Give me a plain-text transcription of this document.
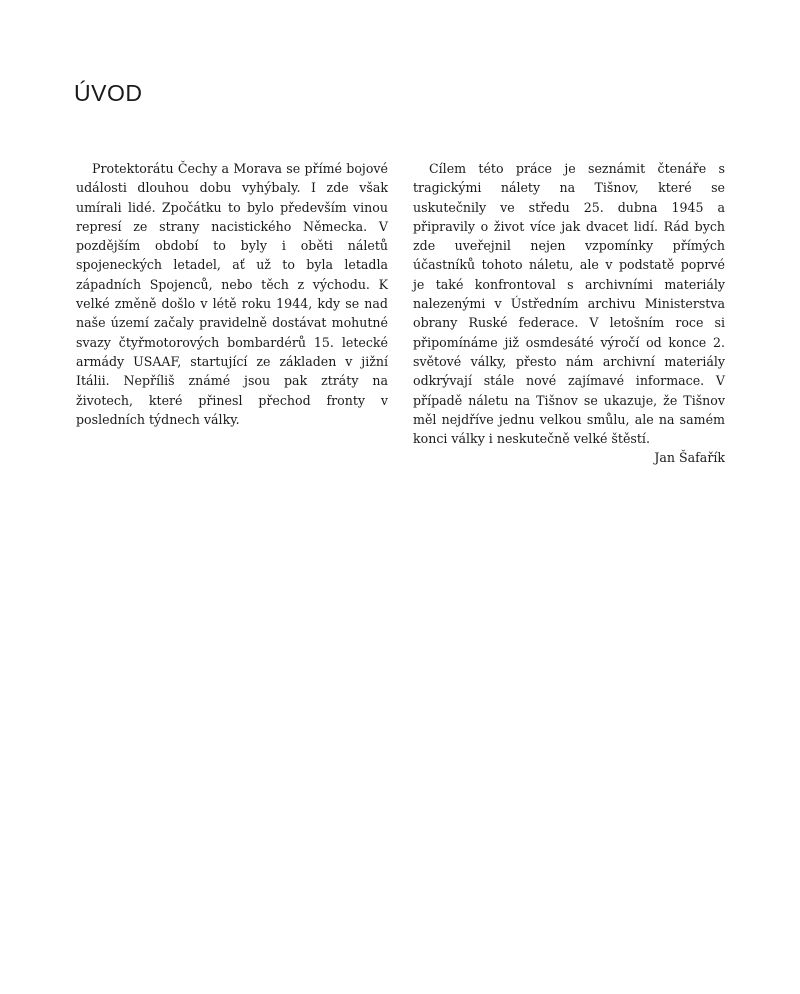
ÚVOD

Protektorátu Čechy a Morava se přímé bojové události dlouhou dobu vyhýbaly. I zde však umírali lidé. Zpočátku to bylo především vinou represí ze strany nacistického Německa. V pozdějším období to byly i oběti náletů spojeneckých letadel, ať už to byla letadla západních Spojenců, nebo těch z východu. K velké změně došlo v létě roku 1944, kdy se nad naše území začaly pravidelně dostávat mohutné svazy čtyřmotorových bombardérů 15. letecké armády USAAF, startující ze základen v jižní Itálii. Nepříliš známé jsou pak ztráty na životech, které přinesl přechod fronty v posledních týdnech války.

Cílem této práce je seznámit čtenáře s tragickými nálety na Tišnov, které se uskutečnily ve středu 25. dubna 1945 a připravily o život více jak dvacet lidí. Rád bych zde uveřejnil nejen vzpomínky přímých účastníků tohoto náletu, ale v podstatě poprvé je také konfrontoval s archivními materiály nalezenými v Ústředním archivu Ministerstva obrany Ruské federace. V letošním roce si připomínáme již osmdesáté výročí od konce 2. světové války, přesto nám archivní materiály odkrývají stále nové zajímavé informace. V případě náletu na Tišnov se ukazuje, že Tišnov měl nejdříve jednu velkou smůlu, ale na samém konci války i neskutečně velké štěstí.

Jan Šafařík
